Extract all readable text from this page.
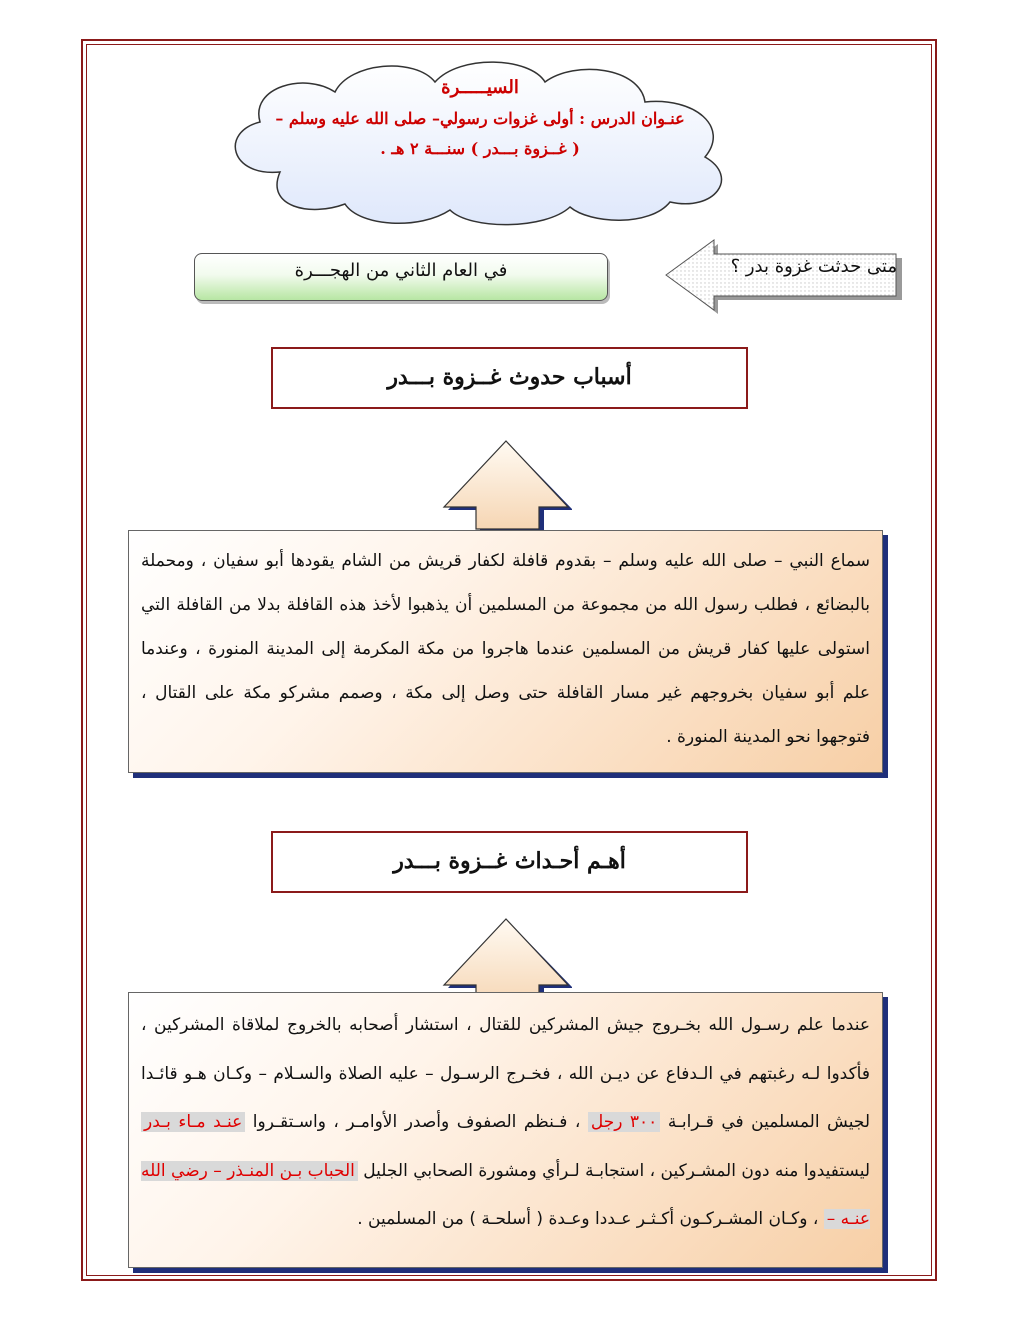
السيـــــرة
عنـوان الدرس : أولى غزوات رسولي– صلى الله عليه وسلم –
( غــزوة بـــدر ) سنـــة ٢ هـ .
متى حدثت غزوة بدر ؟
في العام الثاني من الهجـــرة
أسباب حدوث غــزوة بـــدر
سماع النبي – صلى الله عليه وسلم – بقدوم قافلة لكفار قريش من الشام يقودها أبو سفيان ، ومحملة بالبضائع ، فطلب رسول الله من مجموعة من المسلمين أن يذهبوا لأخذ هذه القافلة بدلا من القافلة التي استولى عليها كفار قريش من المسلمين عندما هاجروا من مكة المكرمة إلى المدينة المنورة ، وعندما علم أبو سفيان بخروجهم غير مسار القافلة حتى وصل إلى مكة ، وصمم مشركو مكة على القتال ، فتوجهوا نحو المدينة المنورة .
أهـم أحـداث غــزوة بـــدر
عندما علم رسـول الله بخـروج جيش المشركين للقتال ، استشار أصحابه بالخروج لملاقاة المشركين ، فأكدوا لـه رغبتهم في الـدفاع عن ديـن الله ، فخـرج الرسـول – عليه الصلاة والسـلام – وكـان هـو قائـدا لجيش المسلمين في قـرابـة ٣٠٠ رجل ، فـنظم الصفوف وأصدر الأوامـر ، واسـتقـروا عنـد مـاء بـدر ليستفيدوا منه دون المشـركين ، استجابـة لـرأي ومشورة الصحابي الجليل الحباب بـن المنـذر – رضي الله عنـه – ، وكـان المشـركـون أكـثـر عـددا وعـدة ( أسلحـة ) من المسلمين .
